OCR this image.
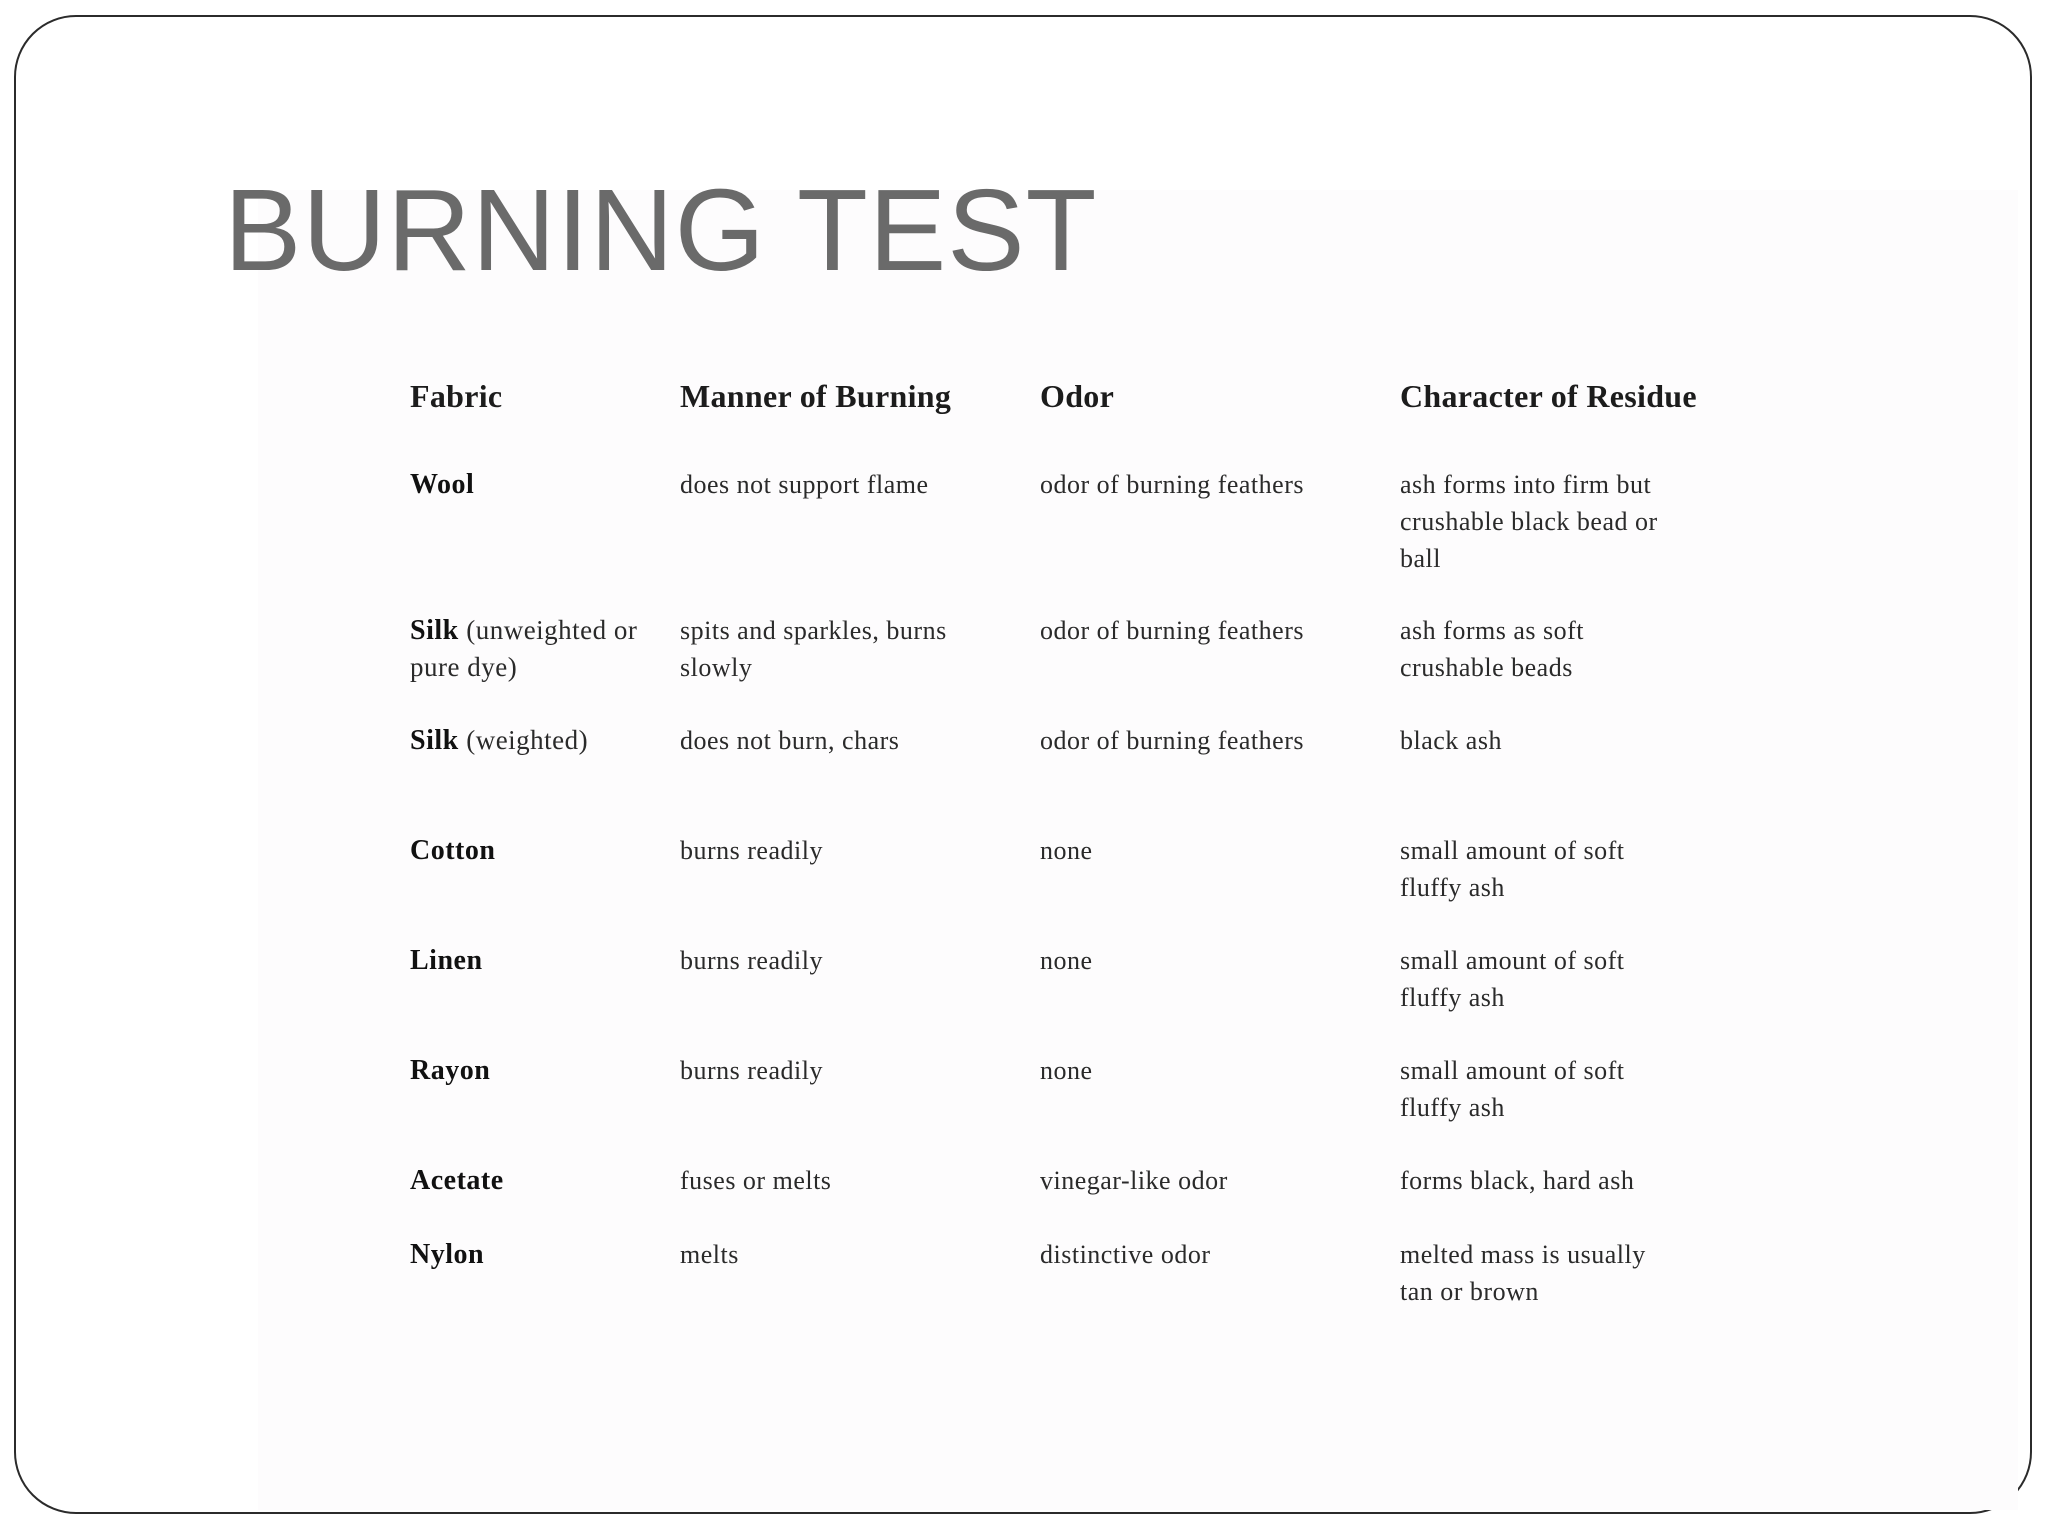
BURNING TEST
Fabric	Manner of Burning	Odor	Character of Residue

Wool	does not support flame	odor of burning feathers	ash forms into firm but crushable black bead or ball

Silk (unweighted or pure dye)	spits and sparkles, burns slowly	odor of burning feathers	ash forms as soft crushable beads

Silk (weighted)	does not burn, chars	odor of burning feathers	black ash

Cotton	burns readily	none	small amount of soft fluffy ash

Linen	burns readily	none	small amount of soft fluffy ash

Rayon	burns readily	none	small amount of soft fluffy ash

Acetate	fuses or melts	vinegar-like odor	forms black, hard ash

Nylon	melts	distinctive odor	melted mass is usually tan or brown
